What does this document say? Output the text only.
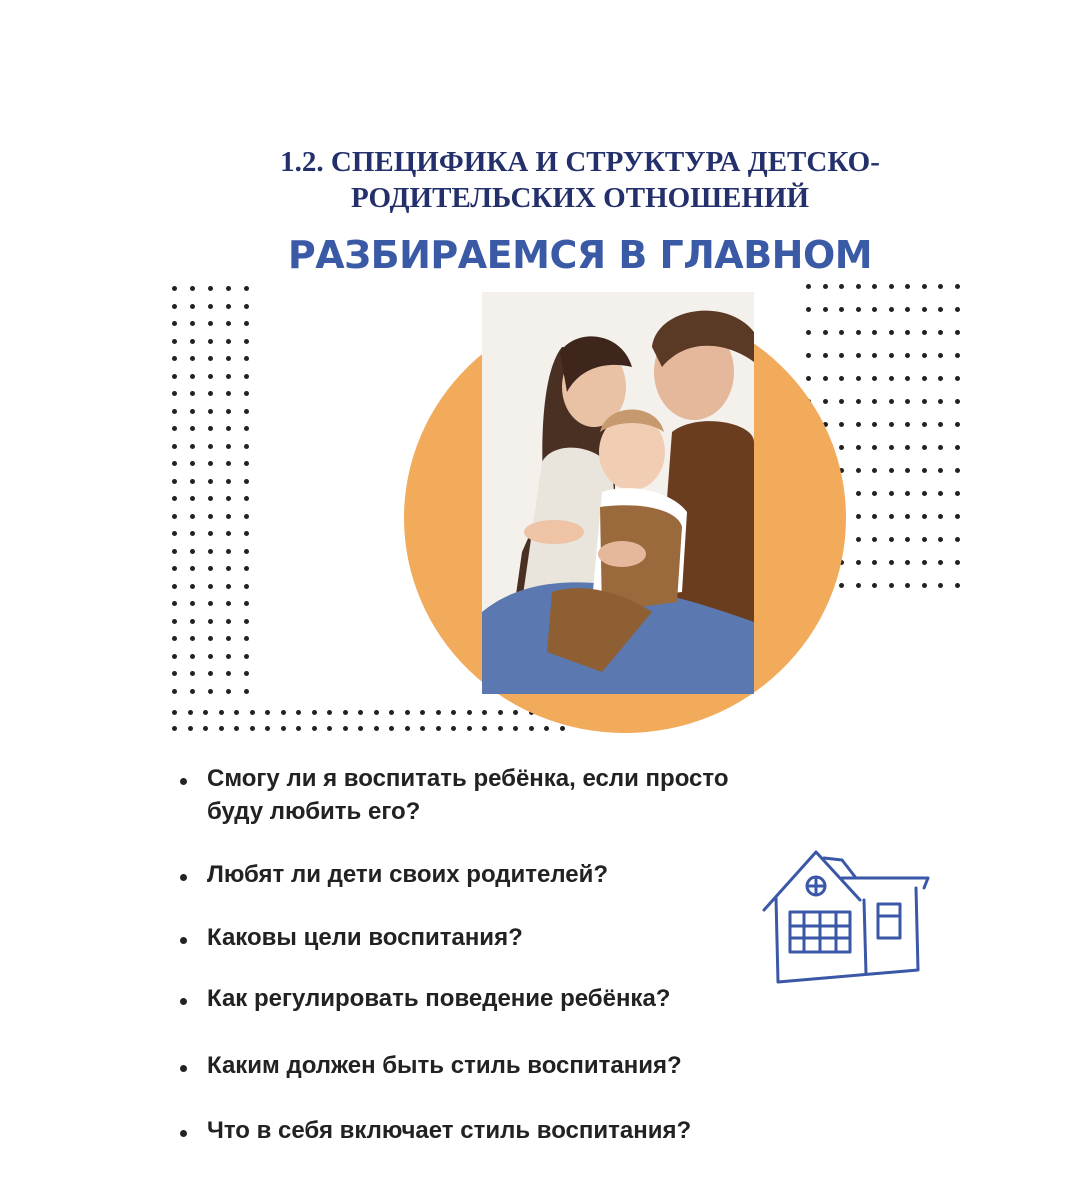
1.2. СПЕЦИФИКА И СТРУКТУРА ДЕТСКО-
РОДИТЕЛЬСКИХ ОТНОШЕНИЙ
РАЗБИРАЕМСЯ В ГЛАВНОМ
Смогу ли я воспитать ребёнка, если просто буду любить его?
Любят ли дети своих родителей?
Каковы цели воспитания?
Как регулировать поведение ребёнка?
Каким должен быть стиль воспитания?
Что в себя включает стиль воспитания?
